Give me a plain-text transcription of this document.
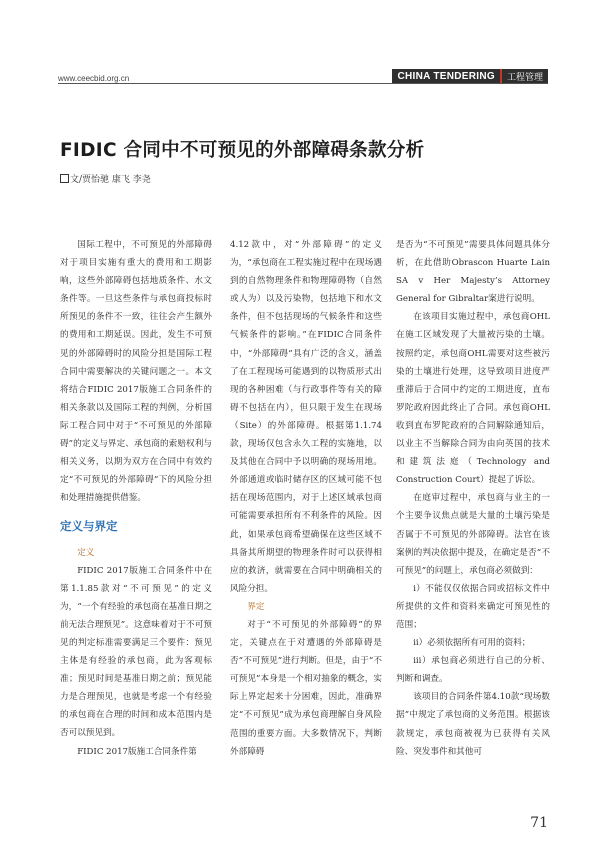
www.ceecbid.org.cn	CHINA TENDERING	工程管理
FIDIC 合同中不可预见的外部障碍条款分析
文/贾怡驰 康飞 李尧

国际工程中，不可预见的外部障碍对于项目实施有重大的费用和工期影响，这些外部障碍包括地质条件、水文条件等。一旦这些条件与承包商投标时所预见的条件不一致，往往会产生额外的费用和工期延误。因此，发生不可预见的外部障碍时的风险分担是国际工程合同中需要解决的关键问题之一。本文将结合FIDIC 2017版施工合同条件的相关条款以及国际工程的判例，分析国际工程合同中对于“不可预见的外部障碍”的定义与界定、承包商的索赔权利与相关义务，以期为双方在合同中有效约定“不可预见的外部障碍”下的风险分担和处理措施提供借鉴。

定义与界定

定义

FIDIC 2017版施工合同条件中在第1.1.85款对“不可预见”的定义为，“一个有经验的承包商在基准日期之前无法合理预见”。这意味着对于不可预见的判定标准需要满足三个要件：预见主体是有经验的承包商，此为客观标准；预见时间是基准日期之前；预见能力是合理预见，也就是考虑一个有经验的承包商在合理的时间和成本范围内是否可以预见到。

FIDIC 2017版施工合同条件第

4.12款中，对“外部障碍”的定义为，“承包商在工程实施过程中在现场遇到的自然物理条件和物理障碍物（自然或人为）以及污染物，包括地下和水文条件，但不包括现场的气候条件和这些气候条件的影响。”在FIDIC合同条件中，“外部障碍”具有广泛的含义，涵盖了在工程现场可能遇到的以物质形式出现的各种困难（与行政事件等有关的障碍不包括在内），但只限于发生在现场（Site）的外部障碍。根据第1.1.74款，现场仅包含永久工程的实施地，以及其他在合同中予以明确的现场用地。外部通道或临时储存区的区域可能不包括在现场范围内，对于上述区域承包商可能需要承担所有不利条件的风险。因此，如果承包商希望确保在这些区域不具备其所期望的物理条件时可以获得相应的救济，就需要在合同中明确相关的风险分担。

界定

对于“不可预见的外部障碍”的界定，关键点在于对遭遇的外部障碍是否“不可预见”进行判断。但是，由于“不可预见”本身是一个相对抽象的概念，实际上界定起来十分困难，因此，准确界定“不可预见”成为承包商理解自身风险范围的重要方面。大多数情况下，判断外部障碍

是否为“不可预见”需要具体问题具体分析，在此借助Obrascon Huarte Lain SA v Her Majesty’s Attorney General for Gibraltar案进行说明。

在该项目实施过程中，承包商OHL在施工区域发现了大量被污染的土壤。按照约定，承包商OHL需要对这些被污染的土壤进行处理，这导致项目进度严重滞后于合同中约定的工期进度，直布罗陀政府因此终止了合同。承包商OHL收到直布罗陀政府的合同解除通知后，以业主不当解除合同为由向英国的技术和建筑法庭（Technology and Construction Court）提起了诉讼。

在庭审过程中，承包商与业主的一个主要争议焦点就是大量的土壤污染是否属于不可预见的外部障碍。法官在该案例的判决依据中提及，在确定是否“不可预见”的问题上，承包商必须做到：

i）不能仅仅依据合同或招标文件中所提供的文件和资料来确定可预见性的范围；

ii）必须依据所有可用的资料；

iii）承包商必须进行自己的分析、判断和调查。

该项目的合同条件第4.10款“现场数据”中规定了承包商的义务范围。根据该款规定，承包商被视为已获得有关风险、突发事件和其他可

71
